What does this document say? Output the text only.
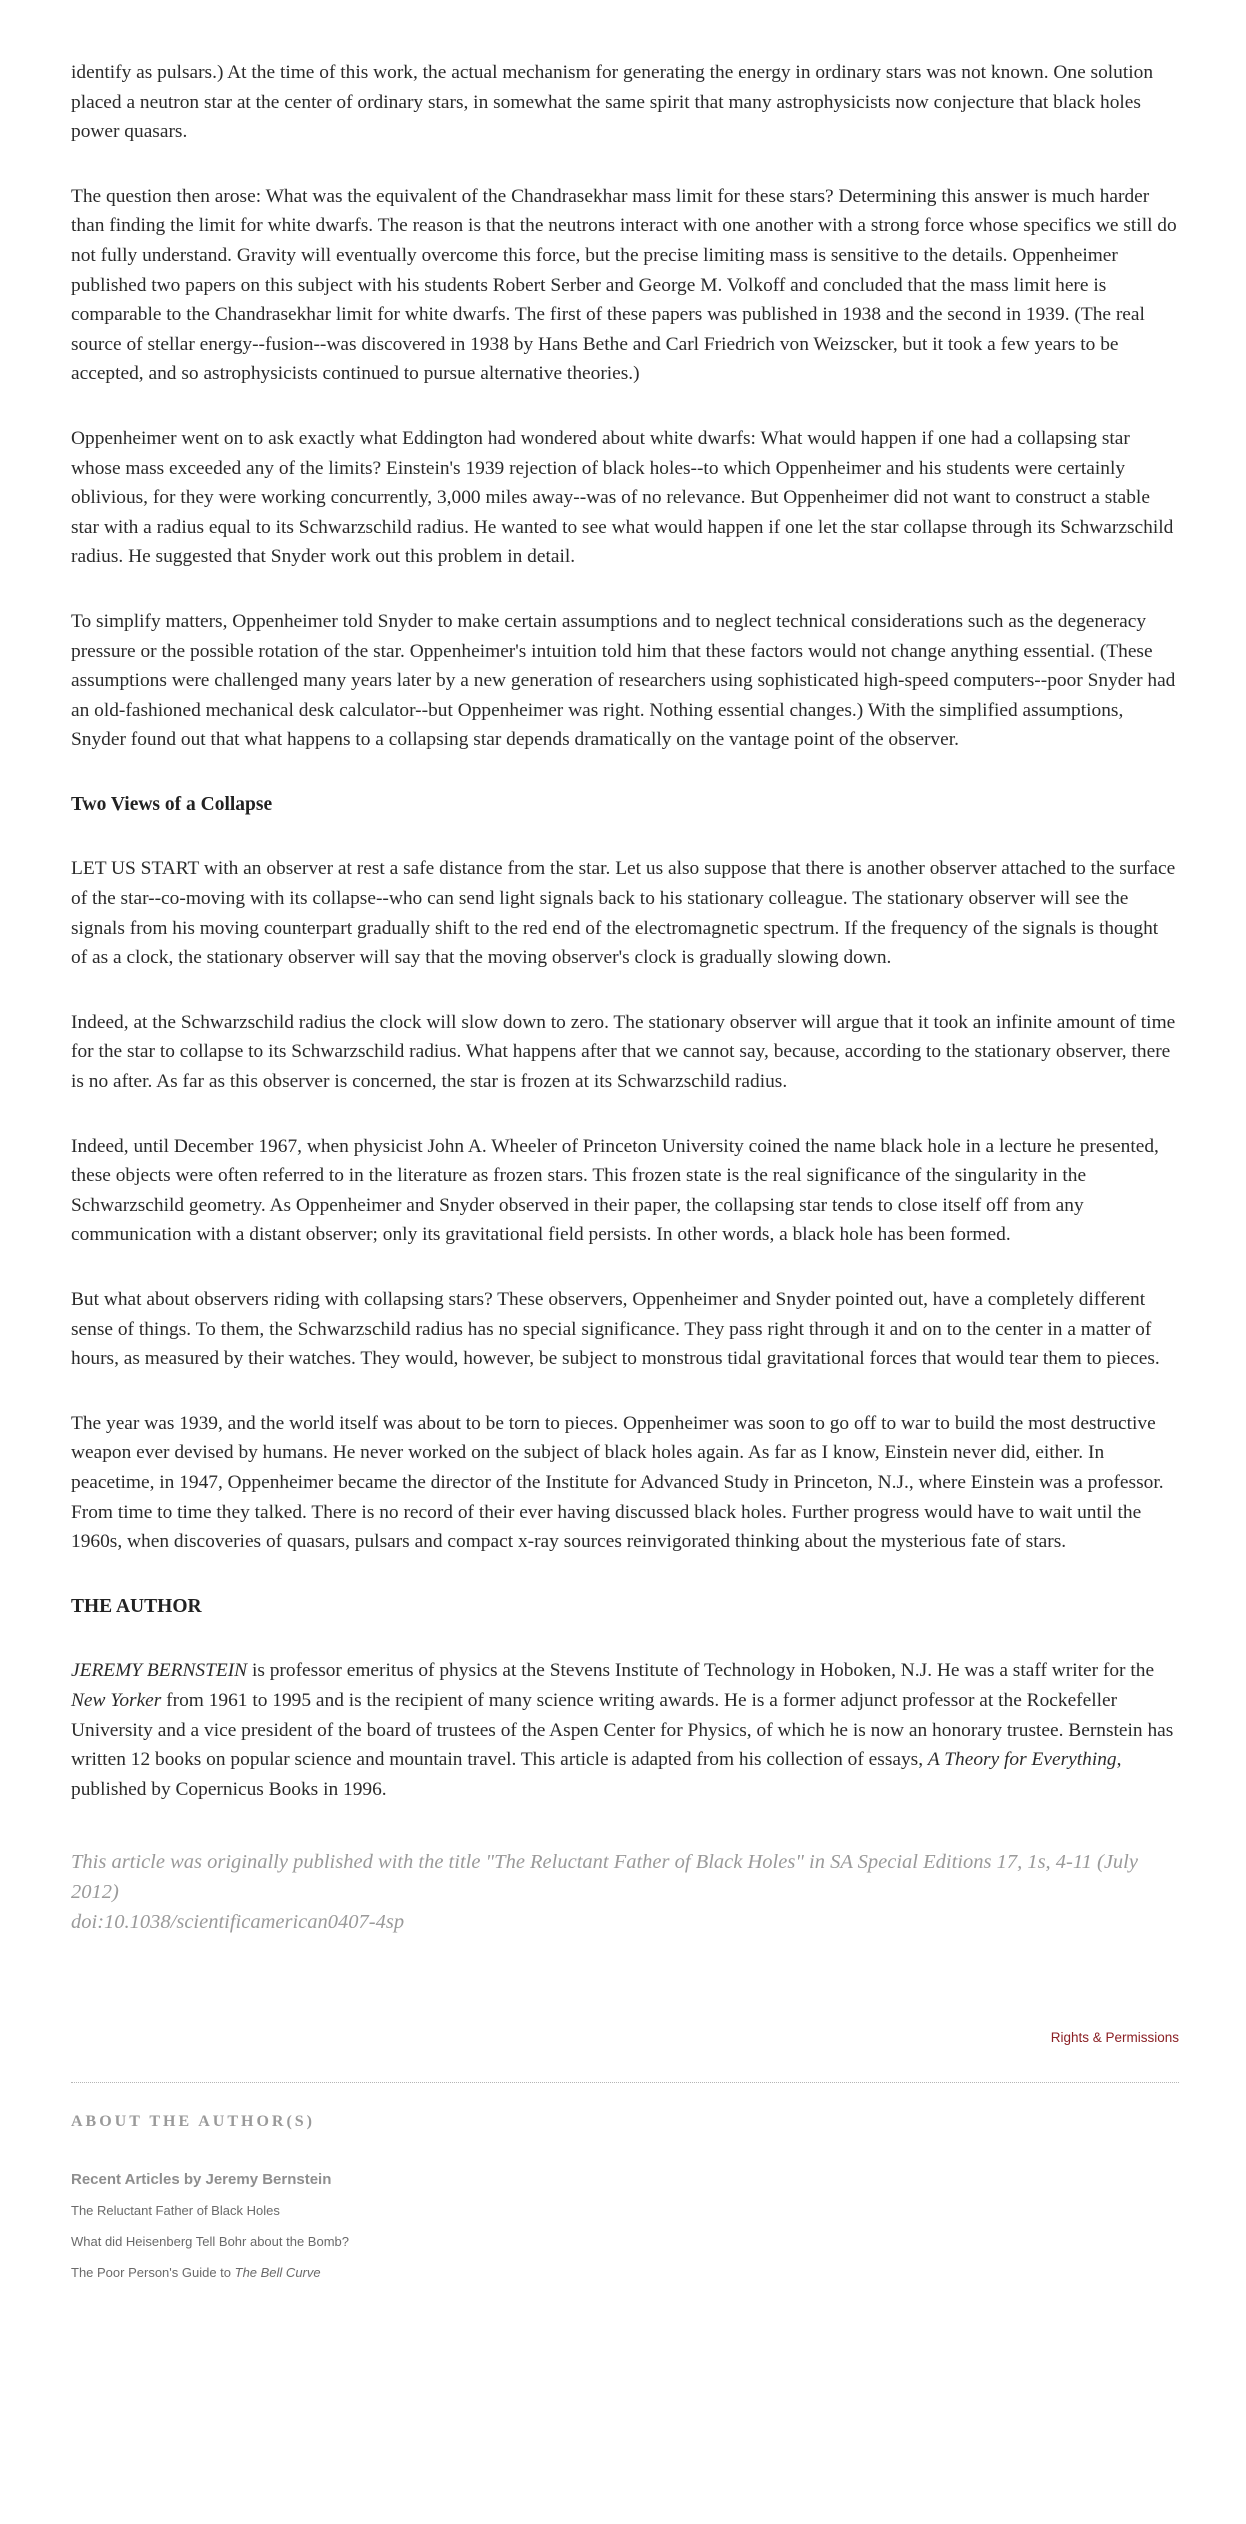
identify as pulsars.) At the time of this work, the actual mechanism for generating the energy in ordinary stars was not known. One solution placed a neutron star at the center of ordinary stars, in somewhat the same spirit that many astrophysicists now conjecture that black holes power quasars.

The question then arose: What was the equivalent of the Chandrasekhar mass limit for these stars? Determining this answer is much harder than finding the limit for white dwarfs. The reason is that the neutrons interact with one another with a strong force whose specifics we still do not fully understand. Gravity will eventually overcome this force, but the precise limiting mass is sensitive to the details. Oppenheimer published two papers on this subject with his students Robert Serber and George M. Volkoff and concluded that the mass limit here is comparable to the Chandrasekhar limit for white dwarfs. The first of these papers was published in 1938 and the second in 1939. (The real source of stellar energy--fusion--was discovered in 1938 by Hans Bethe and Carl Friedrich von Weizscker, but it took a few years to be accepted, and so astrophysicists continued to pursue alternative theories.)

Oppenheimer went on to ask exactly what Eddington had wondered about white dwarfs: What would happen if one had a collapsing star whose mass exceeded any of the limits? Einstein's 1939 rejection of black holes--to which Oppenheimer and his students were certainly oblivious, for they were working concurrently, 3,000 miles away--was of no relevance. But Oppenheimer did not want to construct a stable star with a radius equal to its Schwarzschild radius. He wanted to see what would happen if one let the star collapse through its Schwarzschild radius. He suggested that Snyder work out this problem in detail.

To simplify matters, Oppenheimer told Snyder to make certain assumptions and to neglect technical considerations such as the degeneracy pressure or the possible rotation of the star. Oppenheimer's intuition told him that these factors would not change anything essential. (These assumptions were challenged many years later by a new generation of researchers using sophisticated high-speed computers--poor Snyder had an old-fashioned mechanical desk calculator--but Oppenheimer was right. Nothing essential changes.) With the simplified assumptions, Snyder found out that what happens to a collapsing star depends dramatically on the vantage point of the observer.

Two Views of a Collapse

LET US START with an observer at rest a safe distance from the star. Let us also suppose that there is another observer attached to the surface of the star--co-moving with its collapse--who can send light signals back to his stationary colleague. The stationary observer will see the signals from his moving counterpart gradually shift to the red end of the electromagnetic spectrum. If the frequency of the signals is thought of as a clock, the stationary observer will say that the moving observer's clock is gradually slowing down.

Indeed, at the Schwarzschild radius the clock will slow down to zero. The stationary observer will argue that it took an infinite amount of time for the star to collapse to its Schwarzschild radius. What happens after that we cannot say, because, according to the stationary observer, there is no after. As far as this observer is concerned, the star is frozen at its Schwarzschild radius.

Indeed, until December 1967, when physicist John A. Wheeler of Princeton University coined the name black hole in a lecture he presented, these objects were often referred to in the literature as frozen stars. This frozen state is the real significance of the singularity in the Schwarzschild geometry. As Oppenheimer and Snyder observed in their paper, the collapsing star tends to close itself off from any communication with a distant observer; only its gravitational field persists. In other words, a black hole has been formed.

But what about observers riding with collapsing stars? These observers, Oppenheimer and Snyder pointed out, have a completely different sense of things. To them, the Schwarzschild radius has no special significance. They pass right through it and on to the center in a matter of hours, as measured by their watches. They would, however, be subject to monstrous tidal gravitational forces that would tear them to pieces.

The year was 1939, and the world itself was about to be torn to pieces. Oppenheimer was soon to go off to war to build the most destructive weapon ever devised by humans. He never worked on the subject of black holes again. As far as I know, Einstein never did, either. In peacetime, in 1947, Oppenheimer became the director of the Institute for Advanced Study in Princeton, N.J., where Einstein was a professor. From time to time they talked. There is no record of their ever having discussed black holes. Further progress would have to wait until the 1960s, when discoveries of quasars, pulsars and compact x-ray sources reinvigorated thinking about the mysterious fate of stars.

THE AUTHOR

JEREMY BERNSTEIN is professor emeritus of physics at the Stevens Institute of Technology in Hoboken, N.J. He was a staff writer for the New Yorker from 1961 to 1995 and is the recipient of many science writing awards. He is a former adjunct professor at the Rockefeller University and a vice president of the board of trustees of the Aspen Center for Physics, of which he is now an honorary trustee. Bernstein has written 12 books on popular science and mountain travel. This article is adapted from his collection of essays, A Theory for Everything, published by Copernicus Books in 1996.

This article was originally published with the title "The Reluctant Father of Black Holes" in SA Special Editions 17, 1s, 4-11 (July 2012)
doi:10.1038/scientificamerican0407-4sp
Rights & Permissions
ABOUT THE AUTHOR(S)
Recent Articles by Jeremy Bernstein
The Reluctant Father of Black Holes
What did Heisenberg Tell Bohr about the Bomb?
The Poor Person's Guide to The Bell Curve
